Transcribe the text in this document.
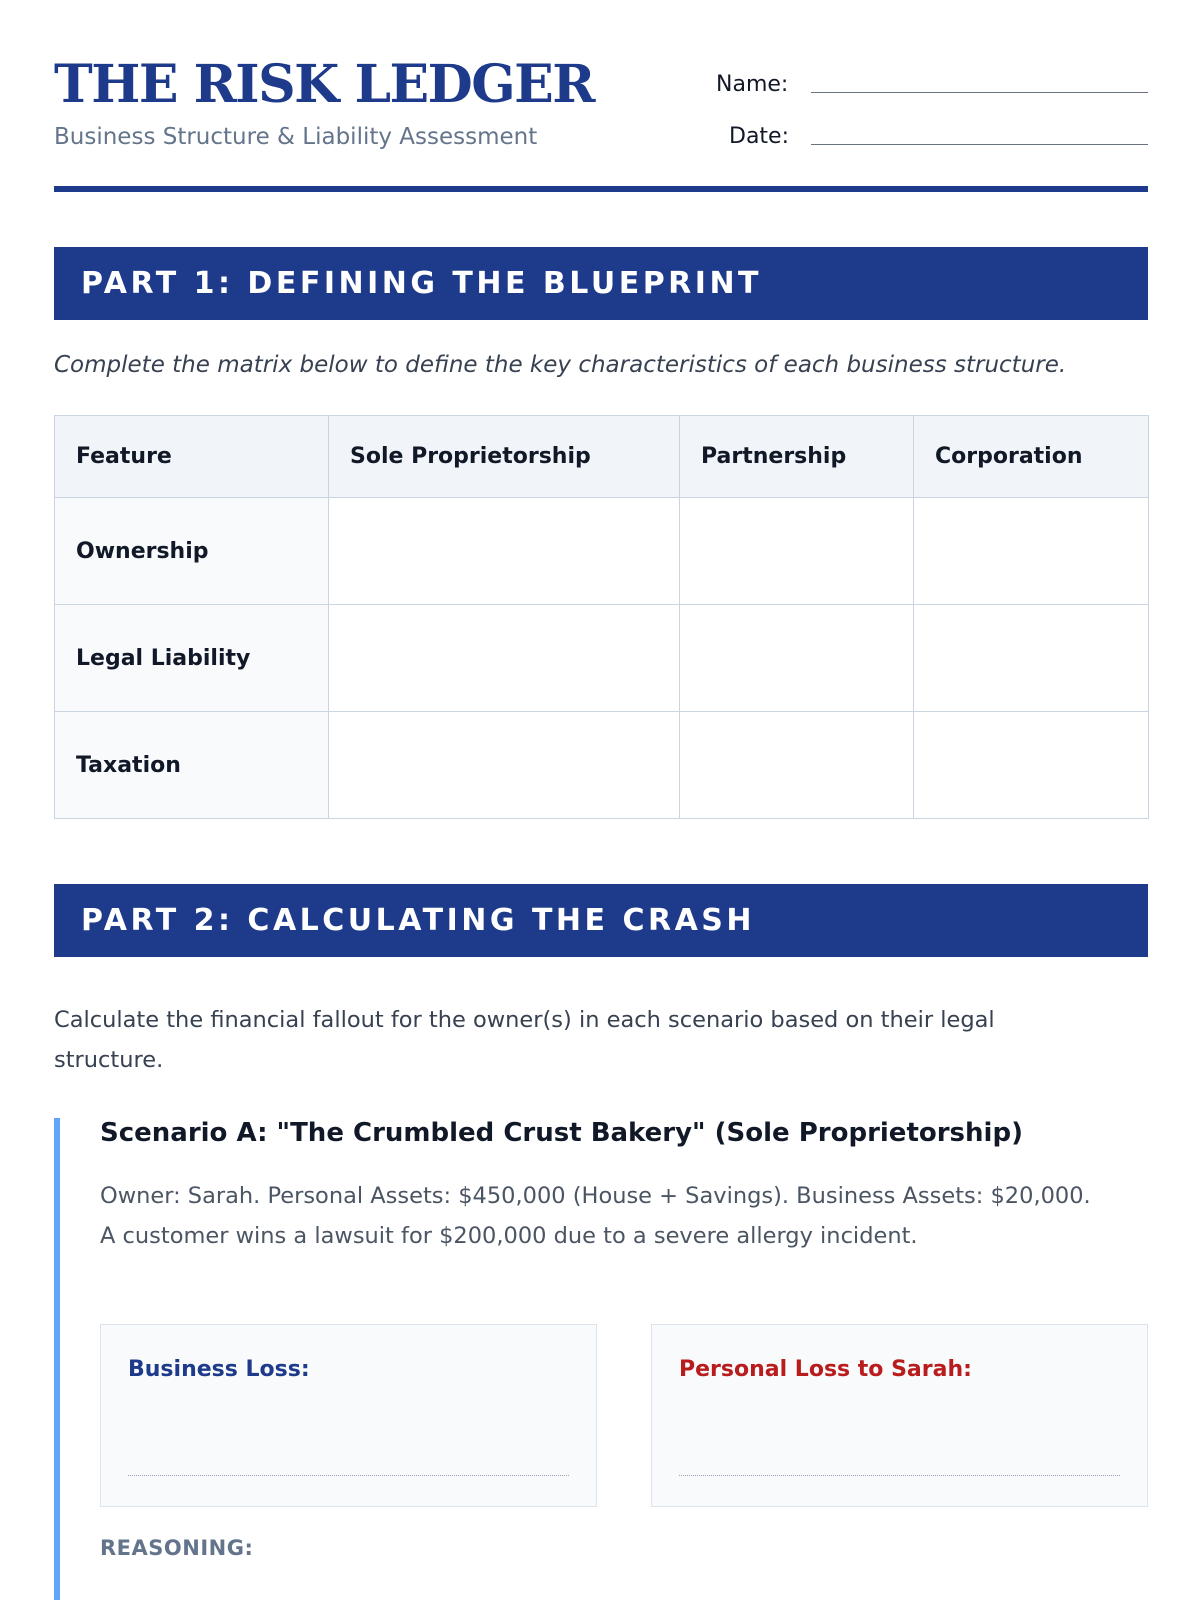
THE RISK LEDGER
Business Structure & Liability Assessment
Name:
Date:
PART 1: DEFINING THE BLUEPRINT
Complete the matrix below to define the key characteristics of each business structure.
Feature	Sole Proprietorship	Partnership	Corporation
Ownership			
Legal Liability			
Taxation			
PART 2: CALCULATING THE CRASH
Calculate the financial fallout for the owner(s) in each scenario based on their legal structure.
Scenario A: "The Crumbled Crust Bakery" (Sole Proprietorship)
Owner: Sarah. Personal Assets: $450,000 (House + Savings). Business Assets: $20,000.
A customer wins a lawsuit for $200,000 due to a severe allergy incident.
Business Loss:	Personal Loss to Sarah:
REASONING:
